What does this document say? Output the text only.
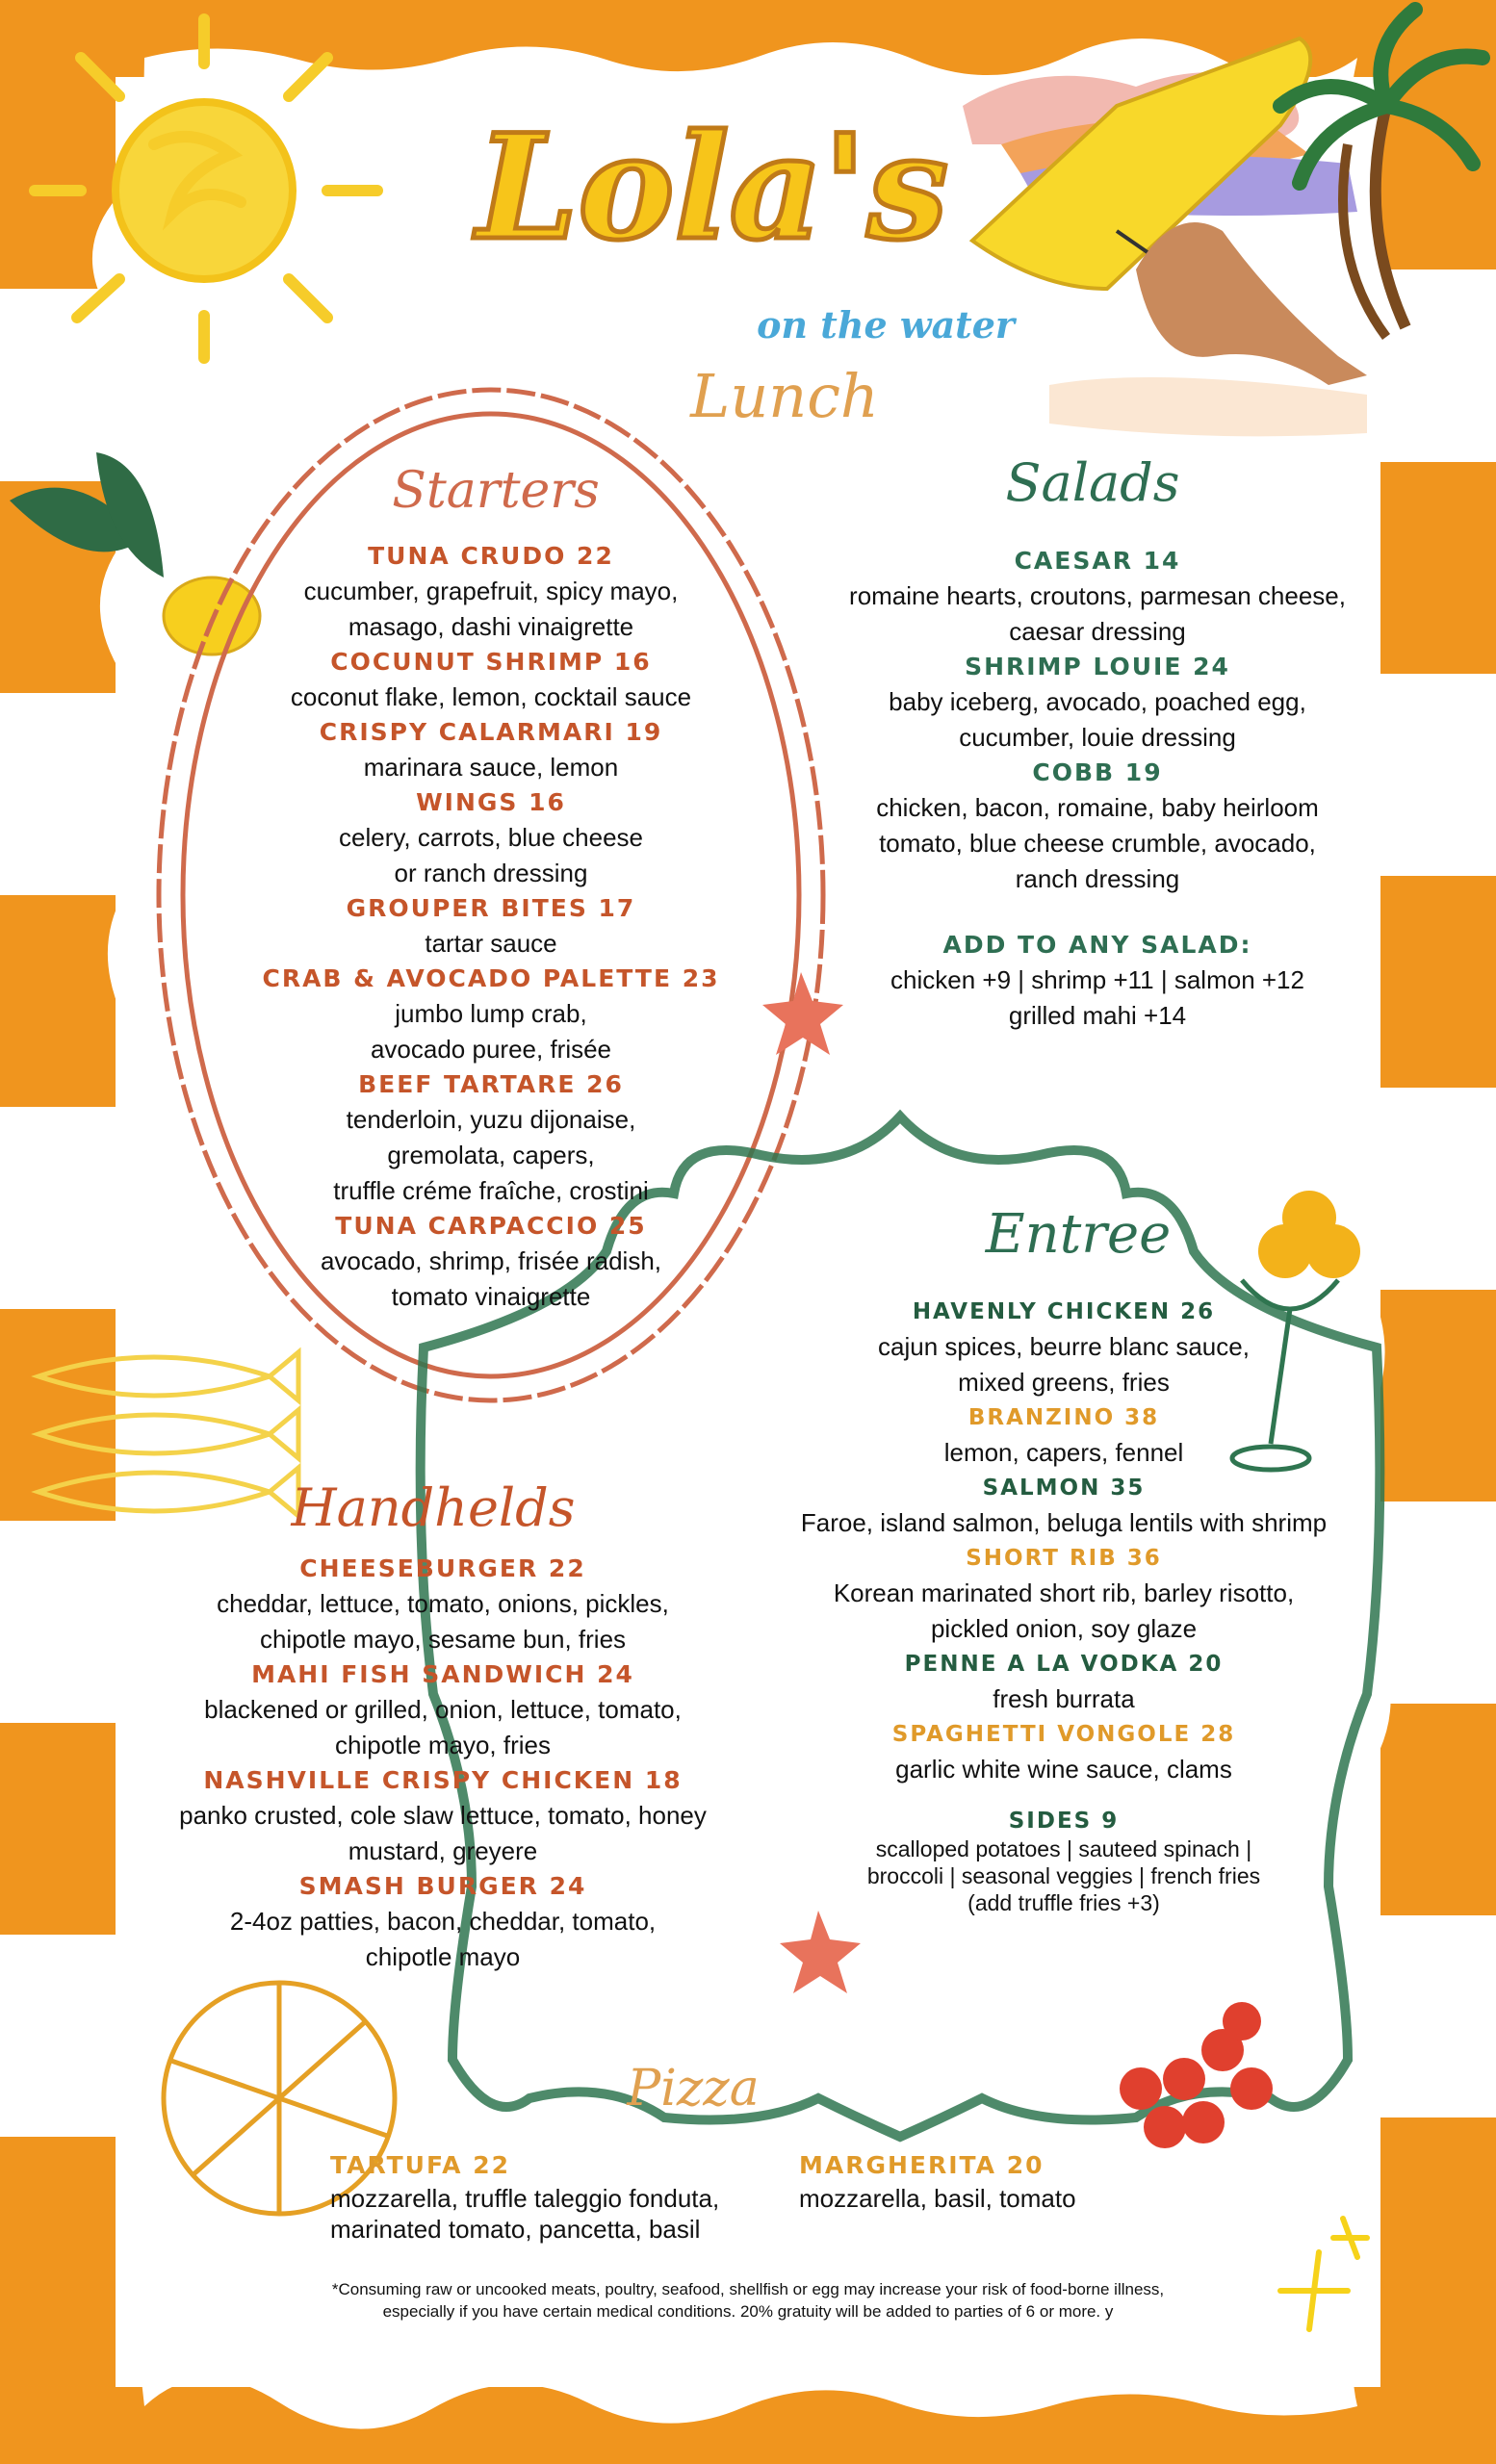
Lola's
on the water
Lunch
Starters

TUNA CRUDO 22

cucumber, grapefruit, spicy mayo,

masago, dashi vinaigrette

COCUNUT SHRIMP 16

coconut flake, lemon, cocktail sauce

CRISPY CALARMARI 19

marinara sauce, lemon

WINGS 16

celery, carrots, blue cheese

or ranch dressing

GROUPER BITES 17

tartar sauce

CRAB & AVOCADO PALETTE 23

jumbo lump crab,

avocado puree, frisée

BEEF TARTARE 26

tenderloin, yuzu dijonaise,

gremolata, capers,

truffle créme fraîche, crostini

TUNA CARPACCIO 25

avocado, shrimp, frisée radish,

tomato vinaigrette

Salads

CAESAR 14

romaine hearts, croutons, parmesan cheese,

caesar dressing

SHRIMP LOUIE 24

baby iceberg, avocado, poached egg,

cucumber, louie dressing

COBB 19

chicken, bacon, romaine, baby heirloom

tomato, blue cheese crumble, avocado,

ranch dressing

ADD TO ANY SALAD:

chicken +9 | shrimp +11 | salmon +12

grilled mahi +14

Entree

HAVENLY CHICKEN 26

cajun spices, beurre blanc sauce,

mixed greens, fries

BRANZINO 38

lemon, capers, fennel

SALMON 35

Faroe, island salmon, beluga lentils with shrimp

SHORT RIB 36

Korean marinated short rib, barley risotto,

pickled onion, soy glaze

PENNE A LA VODKA 20

fresh burrata

SPAGHETTI VONGOLE 28

garlic white wine sauce, clams

SIDES 9

scalloped potatoes | sauteed spinach |

broccoli | seasonal veggies | french fries

(add truffle fries +3)

Handhelds

CHEESEBURGER 22

cheddar, lettuce, tomato, onions, pickles,

chipotle mayo, sesame bun, fries

MAHI FISH SANDWICH 24

blackened or grilled, onion, lettuce, tomato,

chipotle mayo, fries

NASHVILLE CRISPY CHICKEN 18

panko crusted, cole slaw lettuce, tomato, honey

mustard, greyere

SMASH BURGER 24

2-4oz patties, bacon, cheddar, tomato,

chipotle mayo

Pizza

TARTUFA 22

mozzarella, truffle taleggio fonduta,

marinated tomato, pancetta, basil

MARGHERITA 20

mozzarella, basil, tomato

*Consuming raw or uncooked meats, poultry, seafood, shellfish or egg may increase your risk of food-borne illness,
especially if you have certain medical conditions. 20% gratuity will be added to parties of 6 or more. y
